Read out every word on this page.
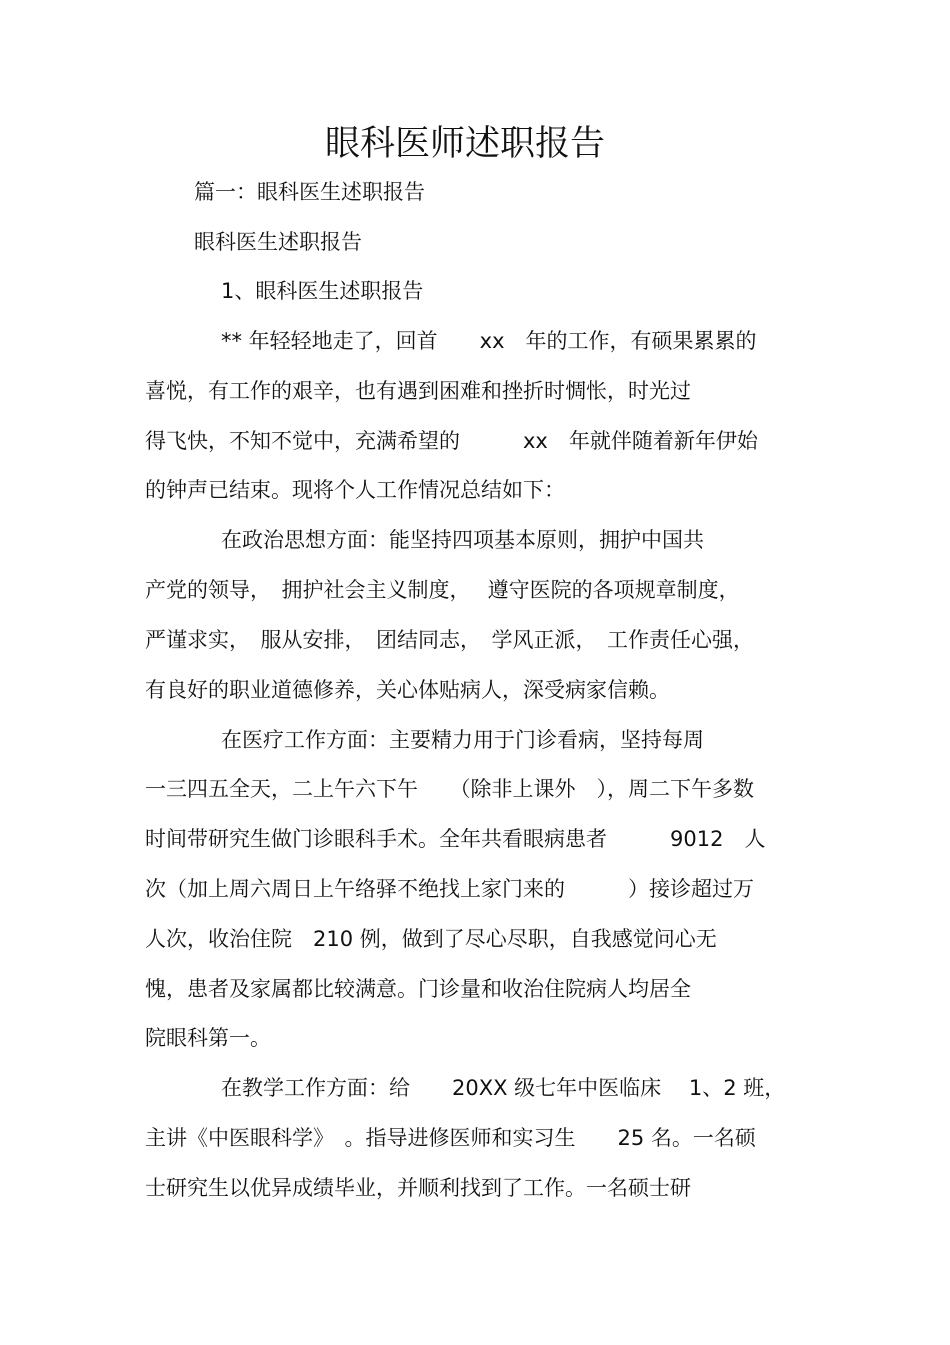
眼科医师述职报告
篇一：眼科医生述职报告
眼科医生述职报告
1、眼科医生述职报告
** 年轻轻地走了，回首　　xx　年的工作，有硕果累累的
喜悦，有工作的艰辛，也有遇到困难和挫折时惆怅，时光过
得飞快，不知不觉中，充满希望的　　　xx　年就伴随着新年伊始
的钟声已结束。现将个人工作情况总结如下：
在政治思想方面：能坚持四项基本原则，拥护中国共
产党的领导，　拥护社会主义制度，　 遵守医院的各项规章制度，
严谨求实，　服从安排，　团结同志，　学风正派，　工作责任心强，
有良好的职业道德修养，关心体贴病人，深受病家信赖。
在医疗工作方面：主要精力用于门诊看病，坚持每周
一三四五全天，二上午六下午　　（除非上课外　），周二下午多数
时间带研究生做门诊眼科手术。全年共看眼病患者　　　9012　人
次（加上周六周日上午络驿不绝找上家门来的　　　）接诊超过万
人次，收治住院　210 例，做到了尽心尽职，自我感觉问心无
愧，患者及家属都比较满意。门诊量和收治住院病人均居全
院眼科第一。
在教学工作方面：给　　20XX 级七年中医临床　 1、2 班，
主讲《中医眼科学》　。指导进修医师和实习生　　25 名。一名硕
士研究生以优异成绩毕业，并顺利找到了工作。一名硕士研
